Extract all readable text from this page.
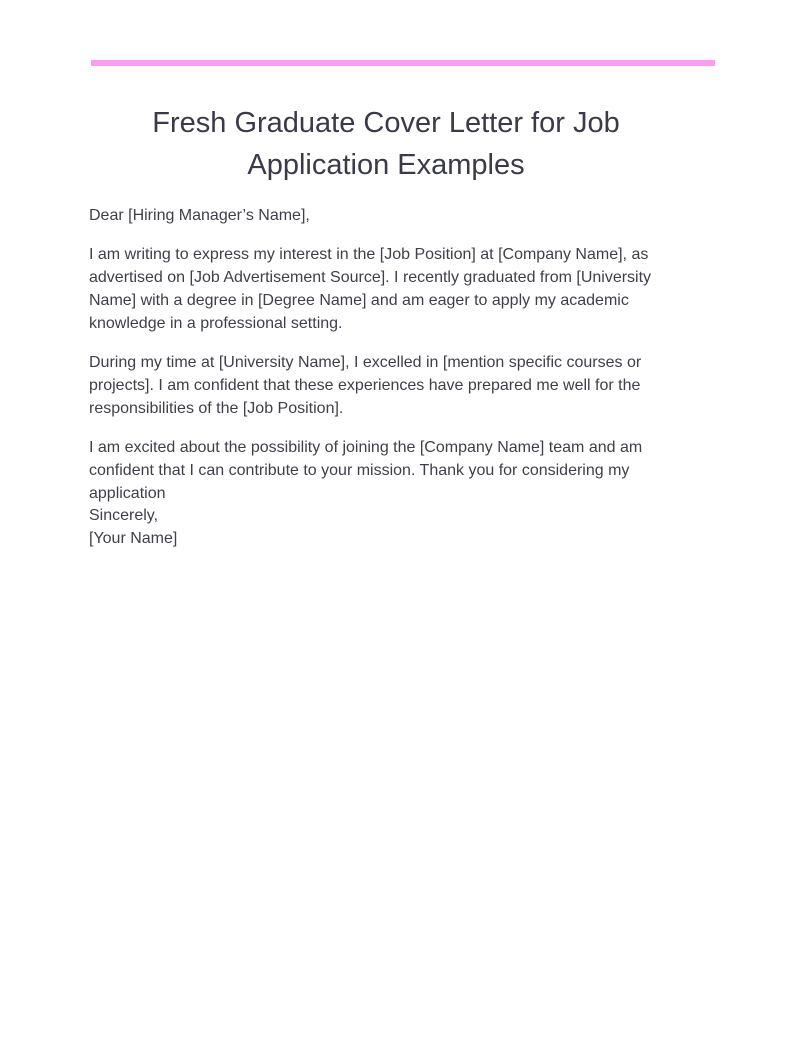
Fresh Graduate Cover Letter for Job Application Examples

Dear [Hiring Manager’s Name],

I am writing to express my interest in the [Job Position] at [Company Name], as advertised on [Job Advertisement Source]. I recently graduated from [University Name] with a degree in [Degree Name] and am eager to apply my academic knowledge in a professional setting.

During my time at [University Name], I excelled in [mention specific courses or projects]. I am confident that these experiences have prepared me well for the responsibilities of the [Job Position].

I am excited about the possibility of joining the [Company Name] team and am confident that I can contribute to your mission. Thank you for considering my application

Sincerely,
[Your Name]
